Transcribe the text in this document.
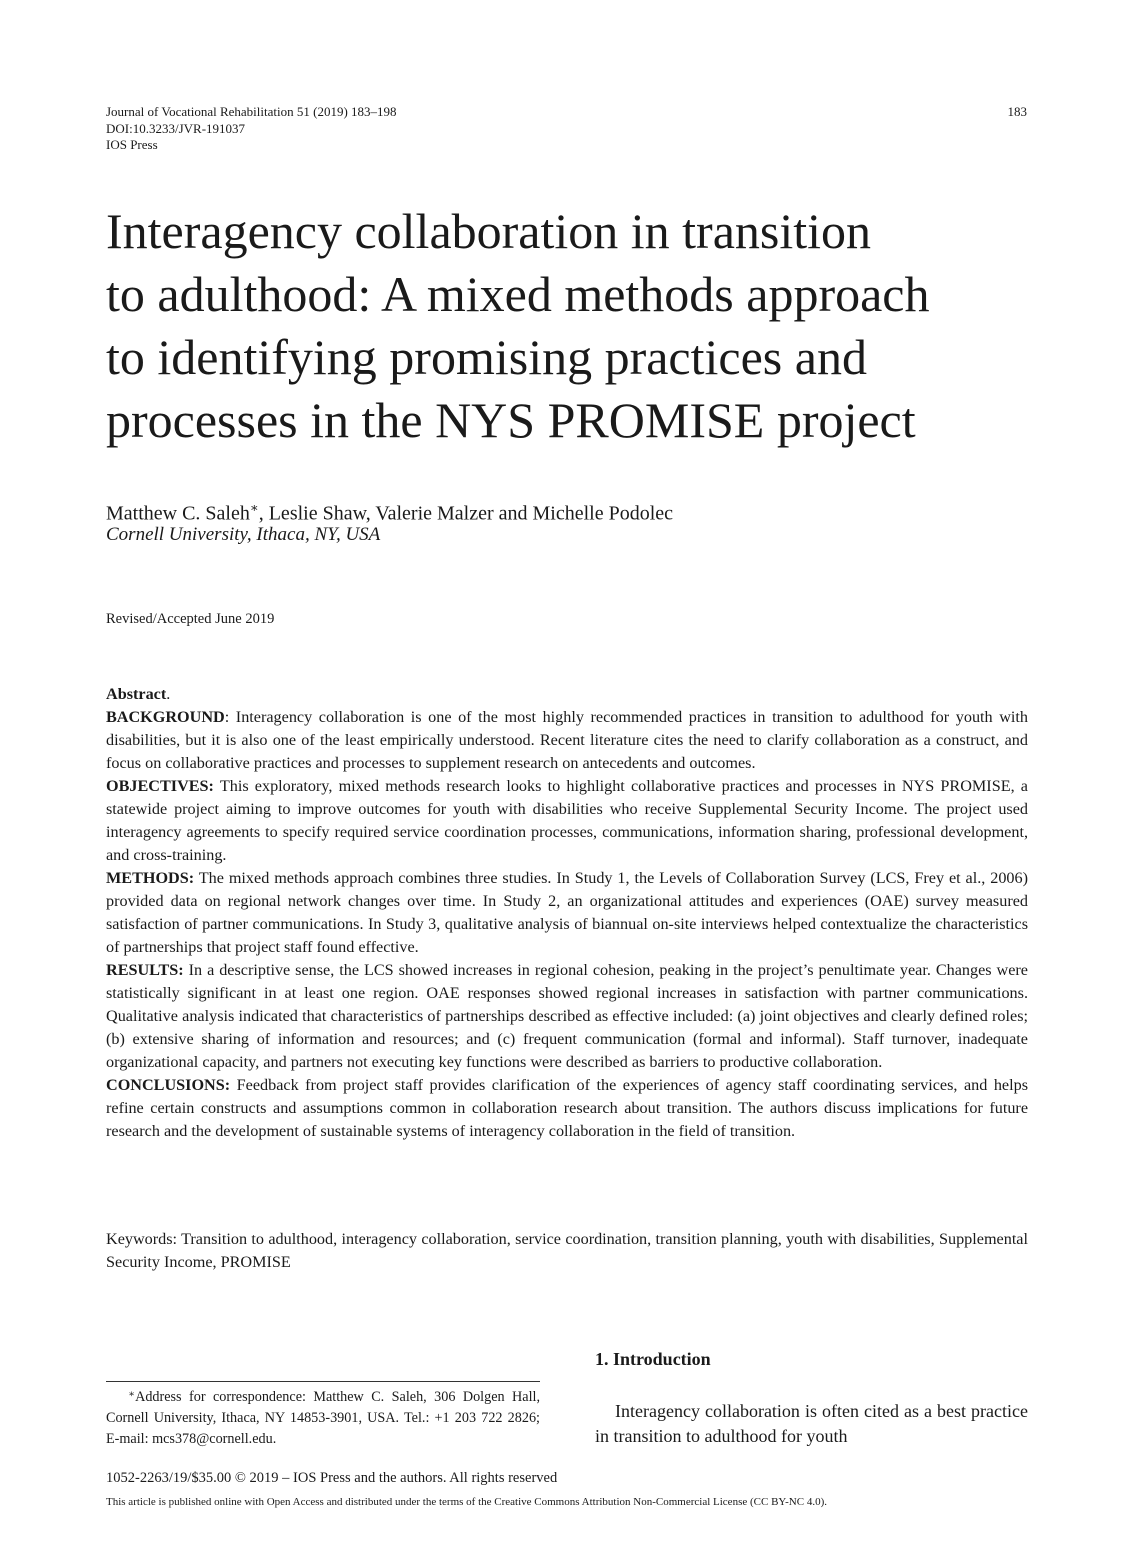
Journal of Vocational Rehabilitation 51 (2019) 183–198
DOI:10.3233/JVR-191037
IOS Press
183
Interagency collaboration in transition
to adulthood: A mixed methods approach
to identifying promising practices and
processes in the NYS PROMISE project
Matthew C. Saleh∗, Leslie Shaw, Valerie Malzer and Michelle Podolec
Cornell University, Ithaca, NY, USA
Revised/Accepted June 2019

Abstract.

BACKGROUND: Interagency collaboration is one of the most highly recommended practices in transition to adulthood for youth with disabilities, but it is also one of the least empirically understood. Recent literature cites the need to clarify collaboration as a construct, and focus on collaborative practices and processes to supplement research on antecedents and outcomes.

OBJECTIVES: This exploratory, mixed methods research looks to highlight collaborative practices and processes in NYS PROMISE, a statewide project aiming to improve outcomes for youth with disabilities who receive Supplemental Security Income. The project used interagency agreements to specify required service coordination processes, communications, information sharing, professional development, and cross-training.

METHODS: The mixed methods approach combines three studies. In Study 1, the Levels of Collaboration Survey (LCS, Frey et al., 2006) provided data on regional network changes over time. In Study 2, an organizational attitudes and experiences (OAE) survey measured satisfaction of partner communications. In Study 3, qualitative analysis of biannual on-site interviews helped contextualize the characteristics of partnerships that project staff found effective.

RESULTS: In a descriptive sense, the LCS showed increases in regional cohesion, peaking in the project’s penultimate year. Changes were statistically significant in at least one region. OAE responses showed regional increases in satisfaction with partner communications. Qualitative analysis indicated that characteristics of partnerships described as effective included: (a) joint objectives and clearly defined roles; (b) extensive sharing of information and resources; and (c) frequent communication (formal and informal). Staff turnover, inadequate organizational capacity, and partners not executing key functions were described as barriers to productive collaboration.

CONCLUSIONS: Feedback from project staff provides clarification of the experiences of agency staff coordinating services, and helps refine certain constructs and assumptions common in collaboration research about transition. The authors discuss implications for future research and the development of sustainable systems of interagency collaboration in the field of transition.

Keywords: Transition to adulthood, interagency collaboration, service coordination, transition planning, youth with disabilities, Supplemental Security Income, PROMISE
∗Address for correspondence: Matthew C. Saleh, 306 Dolgen Hall, Cornell University, Ithaca, NY 14853-3901, USA. Tel.: +1 203 722 2826; E-mail: mcs378@cornell.edu.
1. Introduction
Interagency collaboration is often cited as a best practice in transition to adulthood for youth
1052-2263/19/$35.00 © 2019 – IOS Press and the authors. All rights reserved
This article is published online with Open Access and distributed under the terms of the Creative Commons Attribution Non-Commercial License (CC BY-NC 4.0).
